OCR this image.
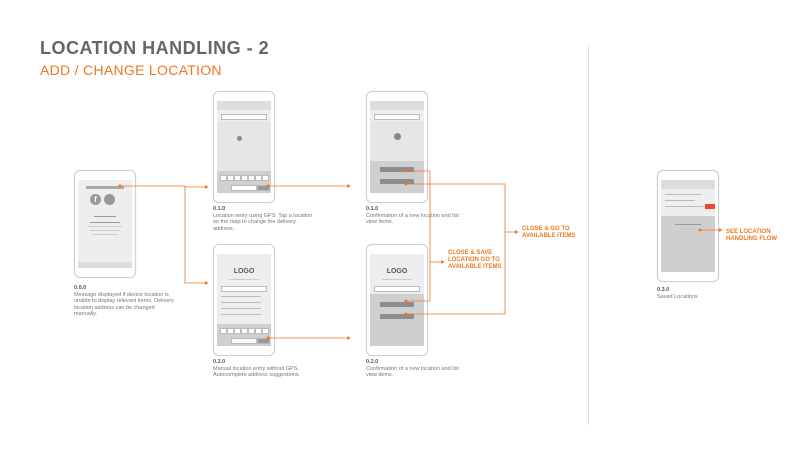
LOCATION HANDLING - 2
ADD / CHANGE LOCATION
f
0.0.0
Message displayed if device location is unable to display relevant items. Delivery location address can be changed manually.
0.1.0
Location entry using GPS. Tap a location on the map to change the delivery address.
0.1.0
Confirmation of a new location and list view items.
LOGO
0.2.0
Manual location entry without GPS. Autocomplete address suggestions.
LOGO
0.2.0
Confirmation of a new location and list view items.
0.3.0
Saved Locations
CLOSE & SAVE LOCATION GO TO AVAILABLE ITEMS
CLOSE & GO TO AVAILABLE ITEMS
SEE LOCATION HANDLING FLOW
